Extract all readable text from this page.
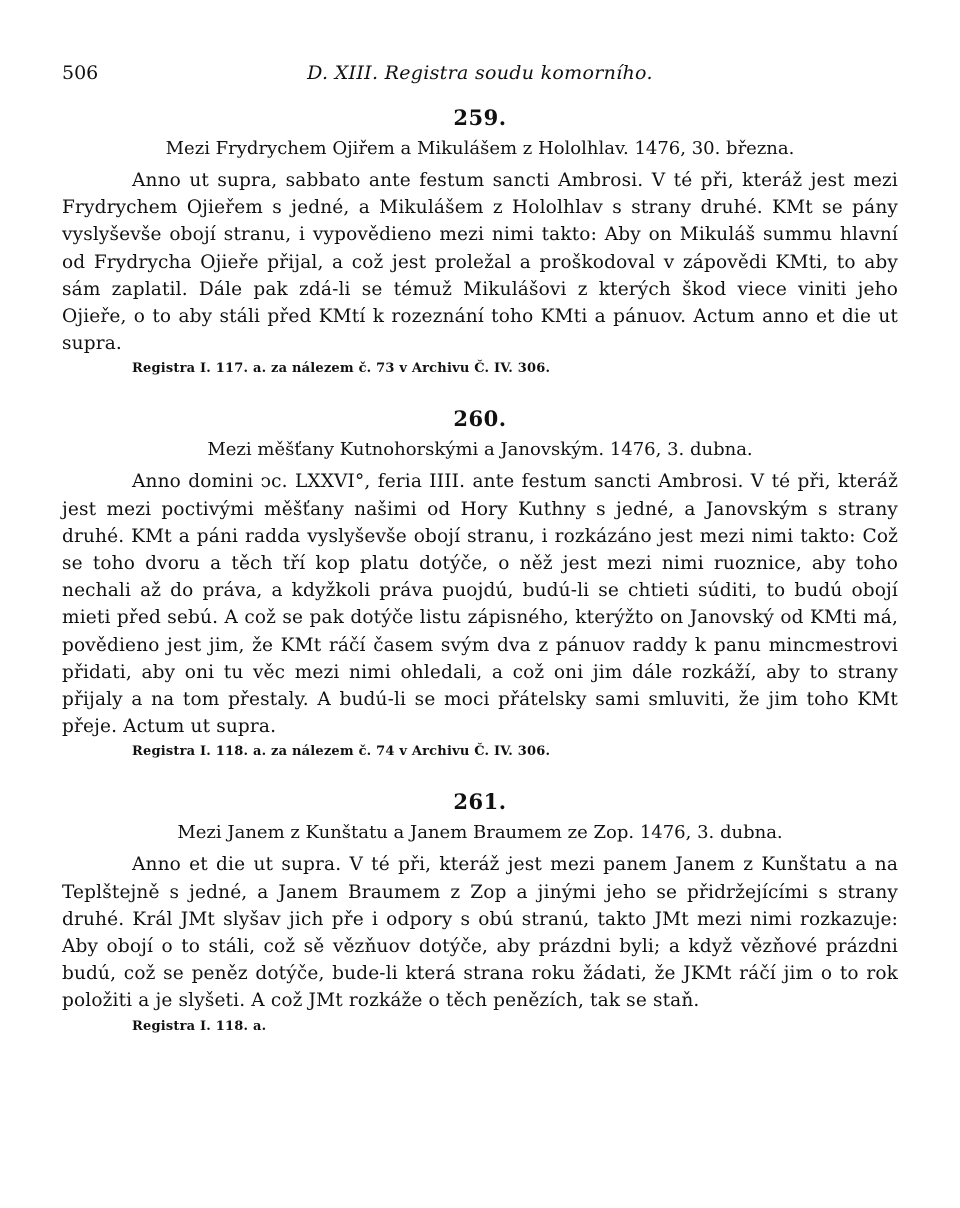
506	D. XIII. Registra soudu komorního.
259.
Mezi Frydrychem Ojiřem a Mikulášem z Hololhlav. 1476, 30. března.

Anno ut supra, sabbato ante festum sancti Ambrosi. V té při, kteráž jest mezi Frydrychem Ojieřem s jedné, a Mikulášem z Hololhlav s strany druhé. KMt se pány vyslyševše obojí stranu, i vypovědieno mezi nimi takto: Aby on Mikuláš summu hlavní od Frydrycha Ojieře přijal, a což jest proležal a proškodoval v zápovědi KMti, to aby sám zaplatil. Dále pak zdá-li se témuž Mikulášovi z kterých škod viece viniti jeho Ojieře, o to aby stáli před KMtí k rozeznání toho KMti a pánuov. Actum anno et die ut supra.

Registra I. 117. a. za nálezem č. 73 v Archivu Č. IV. 306.
260.
Mezi měšťany Kutnohorskými a Janovským. 1476, 3. dubna.

Anno domini ͻc. LXXVI°, feria IIII. ante festum sancti Ambrosi. V té při, kteráž jest mezi poctivými měšťany našimi od Hory Kuthny s jedné, a Janovským s strany druhé. KMt a páni radda vyslyševše obojí stranu, i rozkázáno jest mezi nimi takto: Což se toho dvoru a těch tří kop platu dotýče, o něž jest mezi nimi ruoznice, aby toho nechali až do práva, a kdyžkoli práva puojdú, budú-li se chtieti súditi, to budú obojí mieti před sebú. A což se pak dotýče listu zápisného, kterýžto on Janovský od KMti má, povědieno jest jim, že KMt ráčí časem svým dva z pánuov raddy k panu mincmestrovi přidati, aby oni tu věc mezi nimi ohledali, a což oni jim dále rozkáží, aby to strany přijaly a na tom přestaly. A budú-li se moci přátelsky sami smluviti, že jim toho KMt přeje. Actum ut supra.

Registra I. 118. a. za nálezem č. 74 v Archivu Č. IV. 306.
261.
Mezi Janem z Kunštatu a Janem Braumem ze Zop. 1476, 3. dubna.

Anno et die ut supra. V té při, kteráž jest mezi panem Janem z Kunštatu a na Teplštejně s jedné, a Janem Braumem z Zop a jinými jeho se přidržejícími s strany druhé. Král JMt slyšav jich pře i odpory s obú stranú, takto JMt mezi nimi rozkazuje: Aby obojí o to stáli, což sě vězňuov dotýče, aby prázdni byli; a když vězňové prázdni budú, což se peněz dotýče, bude-li která strana roku žádati, že JKMt ráčí jim o to rok položiti a je slyšeti. A což JMt rozkáže o těch penězích, tak se staň.

Registra I. 118. a.
